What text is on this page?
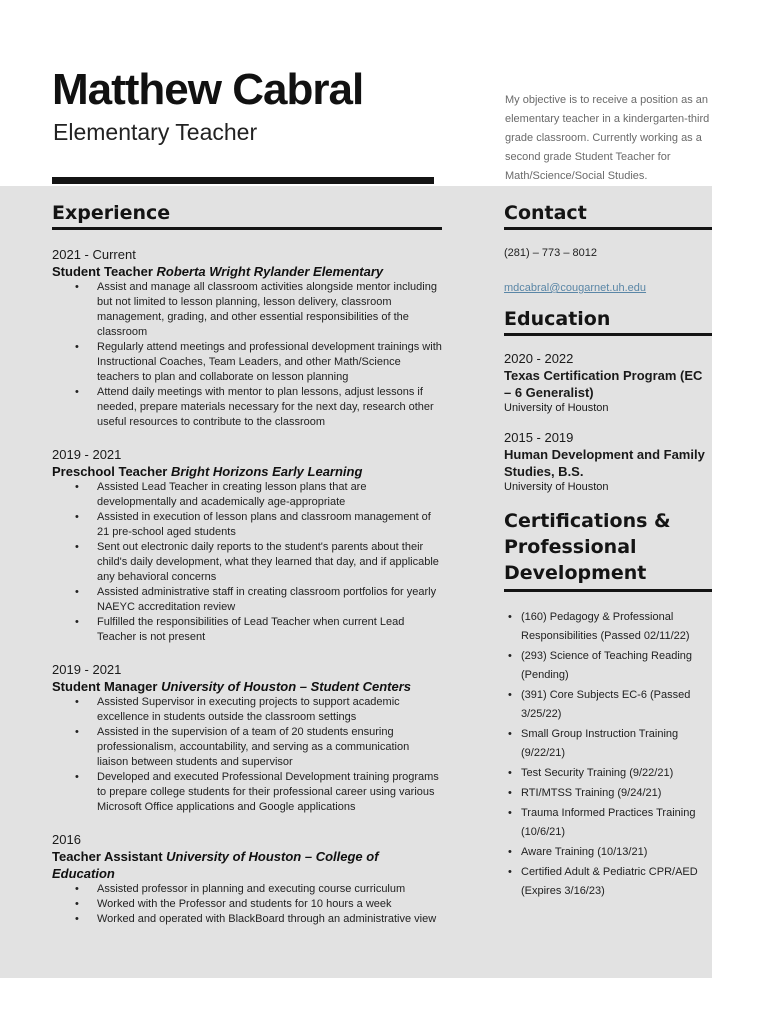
Matthew Cabral
Elementary Teacher
My objective is to receive a position as an elementary teacher in a kindergarten-third grade classroom. Currently working as a second grade Student Teacher for Math/Science/Social Studies.
Experience
2021 - Current
Student Teacher Roberta Wright Rylander Elementary
• Assist and manage all classroom activities alongside mentor including but not limited to lesson planning, lesson delivery, classroom management, grading, and other essential responsibilities of the classroom
• Regularly attend meetings and professional development trainings with Instructional Coaches, Team Leaders, and other Math/Science teachers to plan and collaborate on lesson planning
• Attend daily meetings with mentor to plan lessons, adjust lessons if needed, prepare materials necessary for the next day, research other useful resources to contribute to the classroom
2019 - 2021
Preschool Teacher Bright Horizons Early Learning
• Assisted Lead Teacher in creating lesson plans that are developmentally and academically age-appropriate
• Assisted in execution of lesson plans and classroom management of 21 pre-school aged students
• Sent out electronic daily reports to the student's parents about their child's daily development, what they learned that day, and if applicable any behavioral concerns
• Assisted administrative staff in creating classroom portfolios for yearly NAEYC accreditation review
• Fulfilled the responsibilities of Lead Teacher when current Lead Teacher is not present
2019 - 2021
Student Manager University of Houston – Student Centers
• Assisted Supervisor in executing projects to support academic excellence in students outside the classroom settings
• Assisted in the supervision of a team of 20 students ensuring professionalism, accountability, and serving as a communication liaison between students and supervisor
• Developed and executed Professional Development training programs to prepare college students for their professional career using various Microsoft Office applications and Google applications
2016
Teacher Assistant University of Houston – College of Education
• Assisted professor in planning and executing course curriculum
• Worked with the Professor and students for 10 hours a week
• Worked and operated with BlackBoard through an administrative view
Contact
(281) – 773 – 8012
mdcabral@cougarnet.uh.edu
Education
2020 - 2022
Texas Certification Program (EC – 6 Generalist)
University of Houston
2015 - 2019
Human Development and Family Studies, B.S.
University of Houston
Certifications & Professional Development
• (160) Pedagogy & Professional Responsibilities (Passed 02/11/22)
• (293) Science of Teaching Reading (Pending)
• (391) Core Subjects EC-6 (Passed 3/25/22)
• Small Group Instruction Training (9/22/21)
• Test Security Training (9/22/21)
• RTI/MTSS Training (9/24/21)
• Trauma Informed Practices Training (10/6/21)
• Aware Training (10/13/21)
• Certified Adult & Pediatric CPR/AED (Expires 3/16/23)
